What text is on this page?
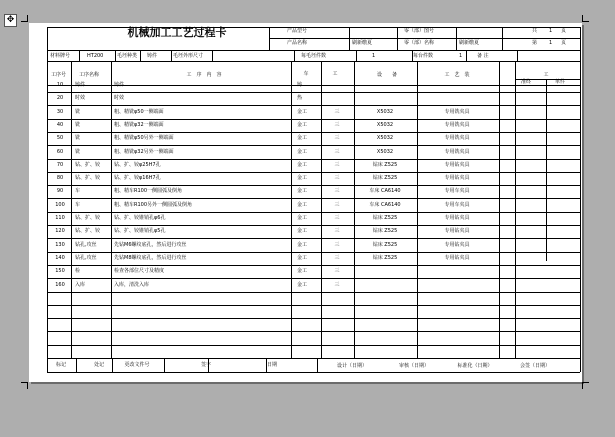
✥
机械加工工艺过程卡	产品型号
产品名称
零（部）图号
零（部）名称
刷新缴夏	刷新缴夏
共 1 页
第 1 页
材料牌号	HT200	毛坯种类 铸件	毛坯外形尺寸	每毛坯件数	1	每台件数	1	备 注
工序号	工序名称	工　序　内　容	车	工	设　　备	工　艺　装	工
准终	单件
10 铸件	铸件	铸
20 时效	时效	热
30 铣	粗、精铣φ50一侧端面	金工	三	X5032	专用铣夹具
40 铣	粗、精铣φ32一侧端面	金工	三	X5032	专用铣夹具
50 铣	粗、精铣φ50另外一侧端面	金工	三	X5032	专用铣夹具
60 铣	粗、精铣φ32另外一侧端面	金工	三	X5032	专用铣夹具
70 钻、扩、铰	钻、扩、铰φ25H7孔	金工	三	钻床 Z525	专用钻夹具
80 钻、扩、铰	钻、扩、铰φ16H7孔	金工	三	钻床 Z525	专用钻夹具
90 车	粗、精车R100一侧圆弧及倒角	金工	三	车床 CA6140	专用车夹具
100 车	粗、精车R100另外一侧圆弧及倒角	金工	三	车床 CA6140	专用车夹具
110 钻、扩、铰	钻、扩、铰锥销孔φ6孔	金工	三	钻床 Z525	专用钻夹具
120 钻、扩、铰	钻、扩、铰锥销孔φ5孔	金工	三	钻床 Z525	专用钻夹具
130 钻孔,攻丝	先钻M6螺纹底孔，然后进行攻丝	金工	三	钻床 Z525	专用钻夹具
140 钻孔,攻丝	先钻M8螺纹底孔，然后进行攻丝	金工	三	钻床 Z525	专用钻夹具
150 检	检查各部位尺寸及精度	金工	三
160 入库	入库，清洗入库	金工	三
设计（日期）	审核（日期）	标准化（日期）	会签（日期）
标记	处记	更改文件号	签字	日期
